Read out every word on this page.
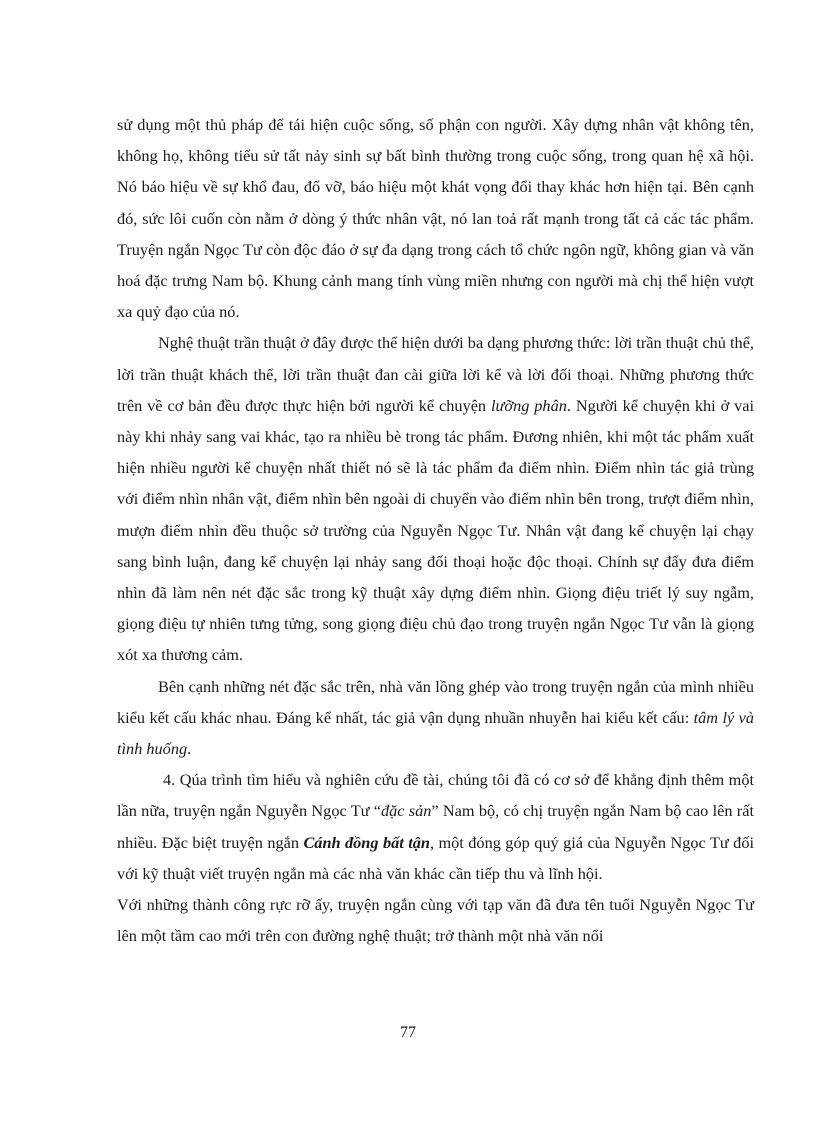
sử dụng một thủ pháp để tái hiện cuộc sống, số phận con người. Xây dựng nhân vật không tên, không họ, không tiểu sử tất nảy sinh sự bất bình thường trong cuộc sống, trong quan hệ xã hội. Nó báo hiệu về sự khổ đau, đổ vỡ, báo hiệu một khát vọng đổi thay khác hơn hiện tại. Bên cạnh đó, sức lôi cuốn còn nằm ở dòng ý thức nhân vật, nó lan toả rất mạnh trong tất cả các tác phẩm. Truyện ngắn Ngọc Tư còn độc đáo ở sự đa dạng trong cách tổ chức ngôn ngữ, không gian và văn hoá đặc trưng Nam bộ. Khung cảnh mang tính vùng miền nhưng con người mà chị thể hiện vượt xa quỷ đạo của nó.

Nghệ thuật trần thuật ở đây được thể hiện dưới ba dạng phương thức: lời trần thuật chủ thể, lời trần thuật khách thể, lời trần thuật đan cài giữa lời kể và lời đối thoại. Những phương thức trên về cơ bản đều được thực hiện bởi người kể chuyện lưỡng phân. Người kể chuyện khi ở vai này khi nhảy sang vai khác, tạo ra nhiều bè trong tác phẩm. Đương nhiên, khi một tác phẩm xuất hiện nhiều người kể chuyện nhất thiết nó sẽ là tác phẩm đa điểm nhìn. Điểm nhìn tác giả trùng với điểm nhìn nhân vật, điểm nhìn bên ngoài di chuyển vào điểm nhìn bên trong, trượt điểm nhìn, mượn điểm nhìn đều thuộc sở trường của Nguyễn Ngọc Tư. Nhân vật đang kể chuyện lại chạy sang bình luận, đang kể chuyện lại nhảy sang đối thoại hoặc độc thoại. Chính sự đẩy đưa điểm nhìn đã làm nên nét đặc sắc trong kỹ thuật xây dựng điểm nhìn. Giọng điệu triết lý suy ngẫm, giọng điệu tự nhiên tưng tửng, song giọng điệu chủ đạo trong truyện ngắn Ngọc Tư vẫn là giọng xót xa thương cảm.

Bên cạnh những nét đặc sắc trên, nhà văn lồng ghép vào trong truyện ngắn của mình nhiều kiểu kết cấu khác nhau. Đáng kể nhất, tác giả vận dụng nhuần nhuyễn hai kiểu kết cấu: tâm lý và tình huống.

4. Qúa trình tìm hiểu và nghiên cứu đề tài, chúng tôi đã có cơ sở để khẳng định thêm một lần nữa, truyện ngắn Nguyễn Ngọc Tư “đặc sản” Nam bộ, có chị truyện ngắn Nam bộ cao lên rất nhiều. Đặc biệt truyện ngắn Cánh đồng bất tận, một đóng góp quý giá của Nguyễn Ngọc Tư đối với kỹ thuật viết truyện ngắn mà các nhà văn khác cần tiếp thu và lĩnh hội.

Với những thành công rực rỡ ấy, truyện ngắn cùng với tạp văn đã đưa tên tuổi Nguyễn Ngọc Tư lên một tầm cao mới trên con đường nghệ thuật; trở thành một nhà văn nổi

77
